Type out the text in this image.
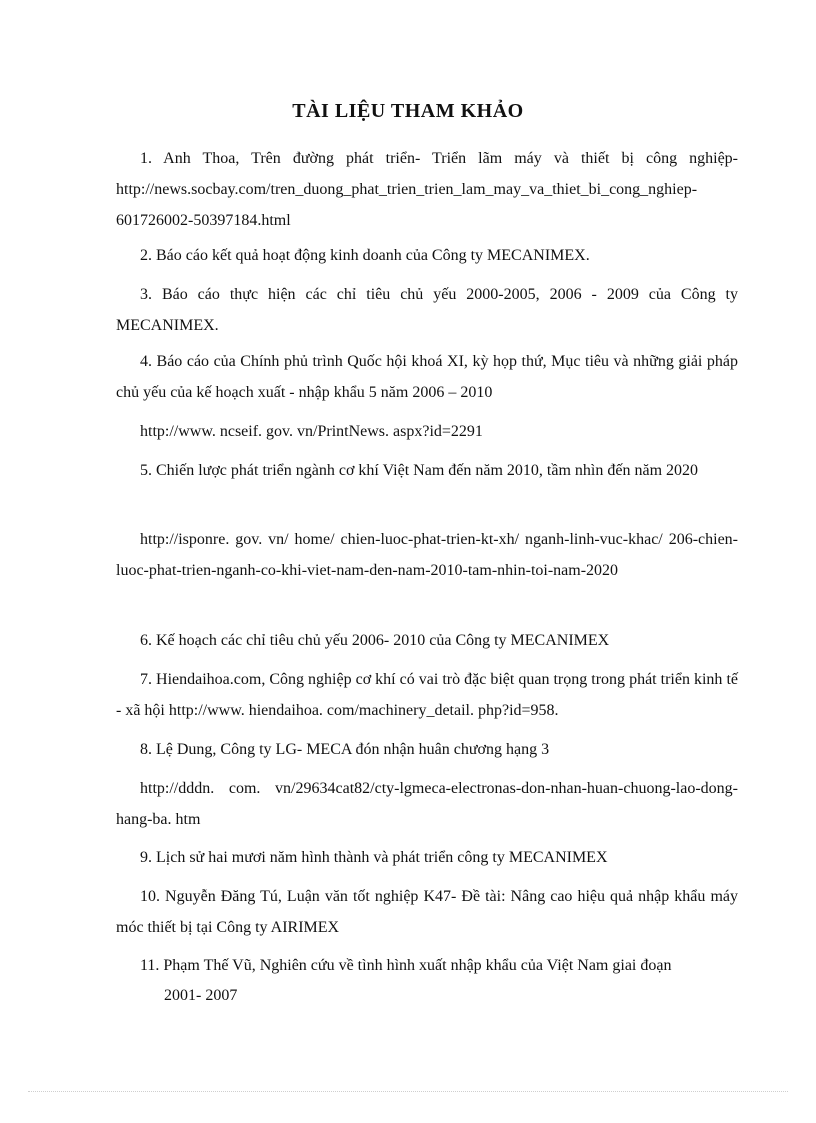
TÀI LIỆU THAM KHẢO

1. Anh Thoa, Trên đường phát triển- Triển lãm máy và thiết bị công nghiệp- http://news.socbay.com/tren_duong_phat_trien_trien_lam_may_va_thiet_bi_cong_nghiep-601726002-50397184.html

2. Báo cáo kết quả hoạt động kinh doanh của Công ty MECANIMEX.

3. Báo cáo thực hiện các chỉ tiêu chủ yếu 2000-2005, 2006 - 2009 của Công ty MECANIMEX.

4. Báo cáo của Chính phủ trình Quốc hội khoá XI, kỳ họp thứ, Mục tiêu và những giải pháp chủ yếu của kế hoạch xuất - nhập khẩu 5 năm 2006 – 2010

http://www. ncseif. gov. vn/PrintNews. aspx?id=2291

5. Chiến lược phát triển ngành cơ khí Việt Nam đến năm 2010, tầm nhìn đến năm 2020

http://isponre. gov. vn/ home/ chien-luoc-phat-trien-kt-xh/ nganh-linh-vuc-khac/ 206-chien-luoc-phat-trien-nganh-co-khi-viet-nam-den-nam-2010-tam-nhin-toi-nam-2020

6. Kế hoạch các chỉ tiêu chủ yếu 2006- 2010 của Công ty MECANIMEX

7. Hiendaihoa.com, Công nghiệp cơ khí có vai trò đặc biệt quan trọng trong phát triển kinh tế - xã hội http://www. hiendaihoa. com/machinery_detail. php?id=958.

8. Lệ Dung, Công ty LG- MECA đón nhận huân chương hạng 3

http://dddn. com. vn/29634cat82/cty-lgmeca-electronas-don-nhan-huan-chuong-lao-dong-hang-ba. htm

9. Lịch sử hai mươi năm hình thành và phát triển công ty MECANIMEX

10. Nguyễn Đăng Tú, Luận văn tốt nghiệp K47- Đề tài: Nâng cao hiệu quả nhập khẩu máy móc thiết bị tại Công ty AIRIMEX

11. Phạm Thế Vũ, Nghiên cứu về tình hình xuất nhập khẩu của Việt Nam giai đoạn

2001- 2007
